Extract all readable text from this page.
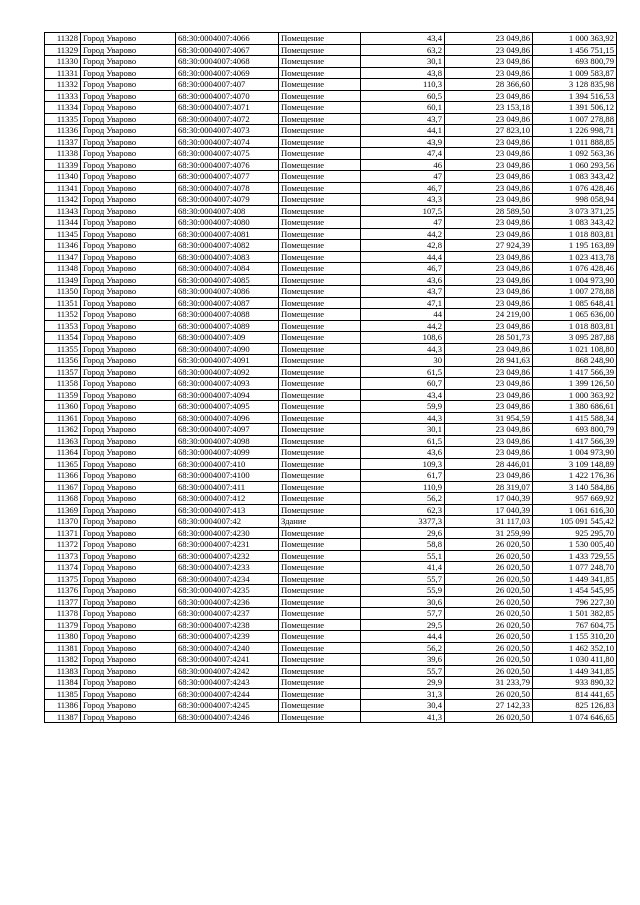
11328	Город Уварово	68:30:0004007:4066	Помещение	43,4	23 049,86	1 000 363,92
11329	Город Уварово	68:30:0004007:4067	Помещение	63,2	23 049,86	1 456 751,15
11330	Город Уварово	68:30:0004007:4068	Помещение	30,1	23 049,86	693 800,79
11331	Город Уварово	68:30:0004007:4069	Помещение	43,8	23 049,86	1 009 583,87
11332	Город Уварово	68:30:0004007:407	Помещение	110,3	28 366,60	3 128 835,98
11333	Город Уварово	68:30:0004007:4070	Помещение	60,5	23 049,86	1 394 516,53
11334	Город Уварово	68:30:0004007:4071	Помещение	60,1	23 153,18	1 391 506,12
11335	Город Уварово	68:30:0004007:4072	Помещение	43,7	23 049,86	1 007 278,88
11336	Город Уварово	68:30:0004007:4073	Помещение	44,1	27 823,10	1 226 998,71
11337	Город Уварово	68:30:0004007:4074	Помещение	43,9	23 049,86	1 011 888,85
11338	Город Уварово	68:30:0004007:4075	Помещение	47,4	23 049,86	1 092 563,36
11339	Город Уварово	68:30:0004007:4076	Помещение	46	23 049,86	1 060 293,56
11340	Город Уварово	68:30:0004007:4077	Помещение	47	23 049,86	1 083 343,42
11341	Город Уварово	68:30:0004007:4078	Помещение	46,7	23 049,86	1 076 428,46
11342	Город Уварово	68:30:0004007:4079	Помещение	43,3	23 049,86	998 058,94
11343	Город Уварово	68:30:0004007:408	Помещение	107,5	28 589,50	3 073 371,25
11344	Город Уварово	68:30:0004007:4080	Помещение	47	23 049,86	1 083 343,42
11345	Город Уварово	68:30:0004007:4081	Помещение	44,2	23 049,86	1 018 803,81
11346	Город Уварово	68:30:0004007:4082	Помещение	42,8	27 924,39	1 195 163,89
11347	Город Уварово	68:30:0004007:4083	Помещение	44,4	23 049,86	1 023 413,78
11348	Город Уварово	68:30:0004007:4084	Помещение	46,7	23 049,86	1 076 428,46
11349	Город Уварово	68:30:0004007:4085	Помещение	43,6	23 049,86	1 004 973,90
11350	Город Уварово	68:30:0004007:4086	Помещение	43,7	23 049,86	1 007 278,88
11351	Город Уварово	68:30:0004007:4087	Помещение	47,1	23 049,86	1 085 648,41
11352	Город Уварово	68:30:0004007:4088	Помещение	44	24 219,00	1 065 636,00
11353	Город Уварово	68:30:0004007:4089	Помещение	44,2	23 049,86	1 018 803,81
11354	Город Уварово	68:30:0004007:409	Помещение	108,6	28 501,73	3 095 287,88
11355	Город Уварово	68:30:0004007:4090	Помещение	44,3	23 049,86	1 021 108,80
11356	Город Уварово	68:30:0004007:4091	Помещение	30	28 941,63	868 248,90
11357	Город Уварово	68:30:0004007:4092	Помещение	61,5	23 049,86	1 417 566,39
11358	Город Уварово	68:30:0004007:4093	Помещение	60,7	23 049,86	1 399 126,50
11359	Город Уварово	68:30:0004007:4094	Помещение	43,4	23 049,86	1 000 363,92
11360	Город Уварово	68:30:0004007:4095	Помещение	59,9	23 049,86	1 380 686,61
11361	Город Уварово	68:30:0004007:4096	Помещение	44,3	31 954,59	1 415 588,34
11362	Город Уварово	68:30:0004007:4097	Помещение	30,1	23 049,86	693 800,79
11363	Город Уварово	68:30:0004007:4098	Помещение	61,5	23 049,86	1 417 566,39
11364	Город Уварово	68:30:0004007:4099	Помещение	43,6	23 049,86	1 004 973,90
11365	Город Уварово	68:30:0004007:410	Помещение	109,3	28 446,01	3 109 148,89
11366	Город Уварово	68:30:0004007:4100	Помещение	61,7	23 049,86	1 422 176,36
11367	Город Уварово	68:30:0004007:411	Помещение	110,9	28 319,07	3 140 584,86
11368	Город Уварово	68:30:0004007:412	Помещение	56,2	17 040,39	957 669,92
11369	Город Уварово	68:30:0004007:413	Помещение	62,3	17 040,39	1 061 616,30
11370	Город Уварово	68:30:0004007:42	Здание	3377,3	31 117,03	105 091 545,42
11371	Город Уварово	68:30:0004007:4230	Помещение	29,6	31 259,99	925 295,70
11372	Город Уварово	68:30:0004007:4231	Помещение	58,8	26 020,50	1 530 005,40
11373	Город Уварово	68:30:0004007:4232	Помещение	55,1	26 020,50	1 433 729,55
11374	Город Уварово	68:30:0004007:4233	Помещение	41,4	26 020,50	1 077 248,70
11375	Город Уварово	68:30:0004007:4234	Помещение	55,7	26 020,50	1 449 341,85
11376	Город Уварово	68:30:0004007:4235	Помещение	55,9	26 020,50	1 454 545,95
11377	Город Уварово	68:30:0004007:4236	Помещение	30,6	26 020,50	796 227,30
11378	Город Уварово	68:30:0004007:4237	Помещение	57,7	26 020,50	1 501 382,85
11379	Город Уварово	68:30:0004007:4238	Помещение	29,5	26 020,50	767 604,75
11380	Город Уварово	68:30:0004007:4239	Помещение	44,4	26 020,50	1 155 310,20
11381	Город Уварово	68:30:0004007:4240	Помещение	56,2	26 020,50	1 462 352,10
11382	Город Уварово	68:30:0004007:4241	Помещение	39,6	26 020,50	1 030 411,80
11383	Город Уварово	68:30:0004007:4242	Помещение	55,7	26 020,50	1 449 341,85
11384	Город Уварово	68:30:0004007:4243	Помещение	29,9	31 233,79	933 890,32
11385	Город Уварово	68:30:0004007:4244	Помещение	31,3	26 020,50	814 441,65
11386	Город Уварово	68:30:0004007:4245	Помещение	30,4	27 142,33	825 126,83
11387	Город Уварово	68:30:0004007:4246	Помещение	41,3	26 020,50	1 074 646,65
